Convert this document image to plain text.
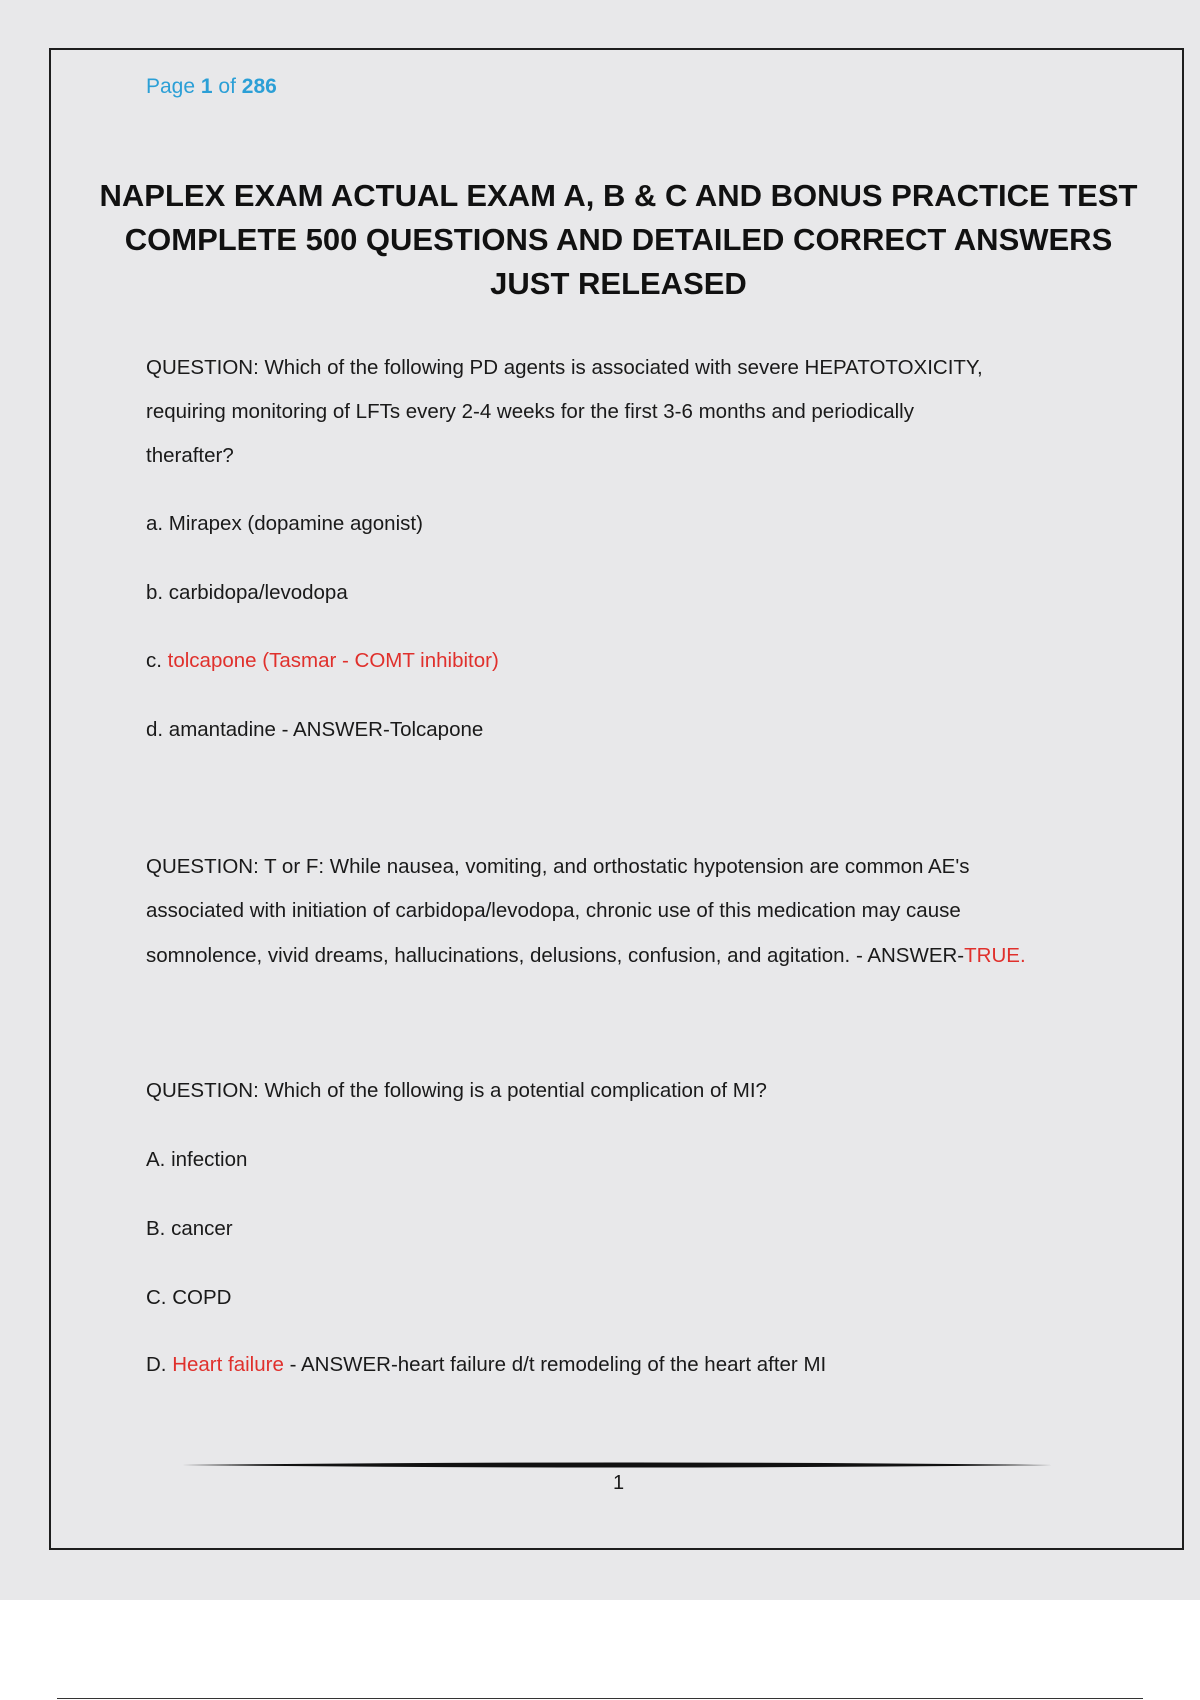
Page 1 of 286
NAPLEX EXAM ACTUAL EXAM A, B & C AND BONUS PRACTICE TEST COMPLETE 500 QUESTIONS AND DETAILED CORRECT ANSWERS JUST RELEASED
QUESTION: Which of the following PD agents is associated with severe HEPATOTOXICITY,
requiring monitoring of LFTs every 2-4 weeks for the first 3-6 months and periodically
therafter?
a. Mirapex (dopamine agonist)
b. carbidopa/levodopa
c. tolcapone (Tasmar - COMT inhibitor)
d. amantadine - ANSWER-Tolcapone
QUESTION: T or F: While nausea, vomiting, and orthostatic hypotension are common AE's
associated with initiation of carbidopa/levodopa, chronic use of this medication may cause
somnolence, vivid dreams, hallucinations, delusions, confusion, and agitation. - ANSWER-TRUE.
QUESTION: Which of the following is a potential complication of MI?
A. infection
B. cancer
C. COPD
D. Heart failure - ANSWER-heart failure d/t remodeling of the heart after MI
1
